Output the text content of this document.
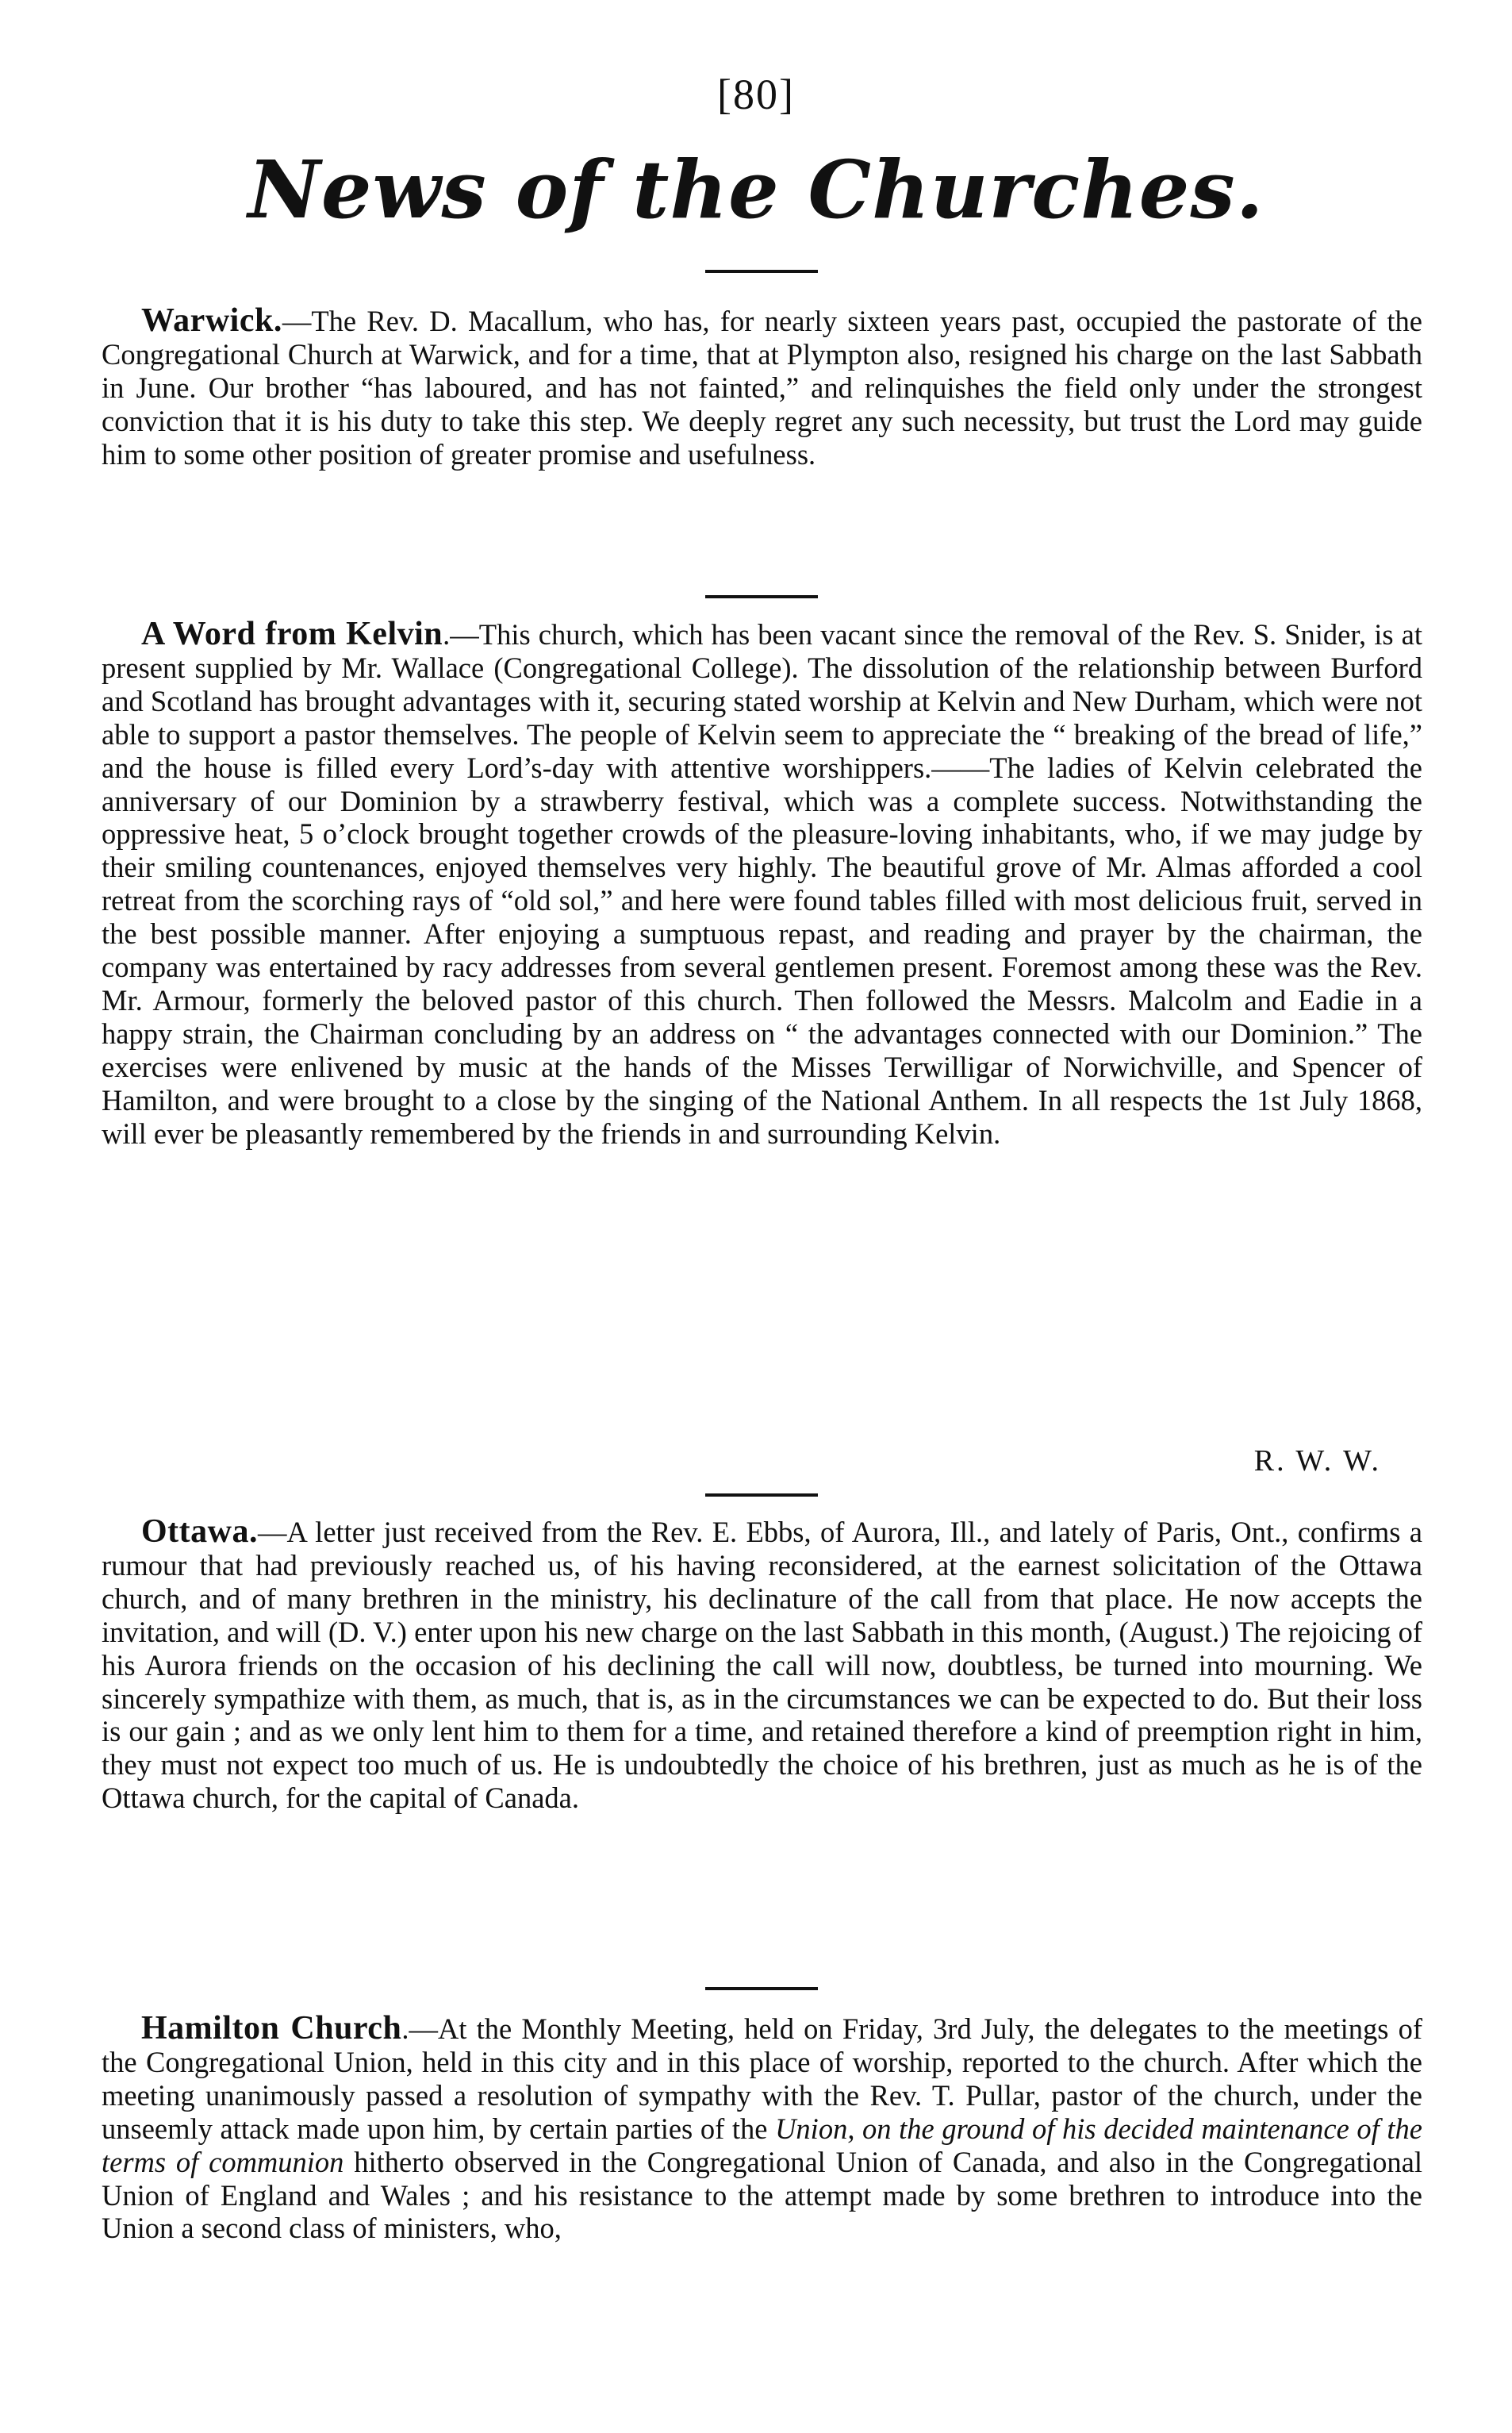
[80]
News of the Churches.

Warwick.—The Rev. D. Macallum, who has, for nearly sixteen years past, occupied the pastorate of the Congregational Church at Warwick, and for a time, that at Plympton also, resigned his charge on the last Sabbath in June. Our brother “has laboured, and has not fainted,” and relinquishes the field only under the strongest conviction that it is his duty to take this step. We deeply regret any such necessity, but trust the Lord may guide him to some other position of greater promise and usefulness.

A Word from Kelvin.—This church, which has been vacant since the removal of the Rev. S. Snider, is at present supplied by Mr. Wallace (Congregational College). The dissolution of the relationship between Burford and Scotland has brought advantages with it, securing stated worship at Kelvin and New Durham, which were not able to support a pastor themselves. The people of Kelvin seem to appreciate the “ breaking of the bread of life,” and the house is filled every Lord’s-day with attentive worshippers.——The ladies of Kelvin celebrated the anniversary of our Dominion by a strawberry festival, which was a complete success. Notwithstanding the oppressive heat, 5 o’clock brought together crowds of the pleasure-loving inhabitants, who, if we may judge by their smiling countenances, enjoyed themselves very highly. The beautiful grove of Mr. Almas afforded a cool retreat from the scorching rays of “old sol,” and here were found tables filled with most delicious fruit, served in the best possible manner. After enjoying a sumptuous repast, and reading and prayer by the chairman, the company was entertained by racy addresses from several gentlemen present. Foremost among these was the Rev. Mr. Armour, formerly the beloved pastor of this church. Then followed the Messrs. Malcolm and Eadie in a happy strain, the Chairman concluding by an address on “ the advantages connected with our Dominion.” The exercises were enlivened by music at the hands of the Misses Terwilligar of Norwichville, and Spencer of Hamilton, and were brought to a close by the singing of the National Anthem. In all respects the 1st July 1868, will ever be pleasantly remembered by the friends in and surrounding Kelvin.

R. W. W.

Ottawa.—A letter just received from the Rev. E. Ebbs, of Aurora, Ill., and lately of Paris, Ont., confirms a rumour that had previously reached us, of his having reconsidered, at the earnest solicitation of the Ottawa church, and of many brethren in the ministry, his declinature of the call from that place. He now accepts the invitation, and will (D. V.) enter upon his new charge on the last Sabbath in this month, (August.) The rejoicing of his Aurora friends on the occasion of his declining the call will now, doubtless, be turned into mourning. We sincerely sympathize with them, as much, that is, as in the circumstances we can be expected to do. But their loss is our gain ; and as we only lent him to them for a time, and retained therefore a kind of preemption right in him, they must not expect too much of us. He is undoubtedly the choice of his brethren, just as much as he is of the Ottawa church, for the capital of Canada.

Hamilton Church.—At the Monthly Meeting, held on Friday, 3rd July, the delegates to the meetings of the Congregational Union, held in this city and in this place of worship, reported to the church. After which the meeting unanimously passed a resolution of sympathy with the Rev. T. Pullar, pastor of the church, under the unseemly attack made upon him, by certain parties of the Union, on the ground of his decided maintenance of the terms of communion hitherto observed in the Congregational Union of Canada, and also in the Congregational Union of England and Wales ; and his resistance to the attempt made by some brethren to introduce into the Union a second class of ministers, who,
